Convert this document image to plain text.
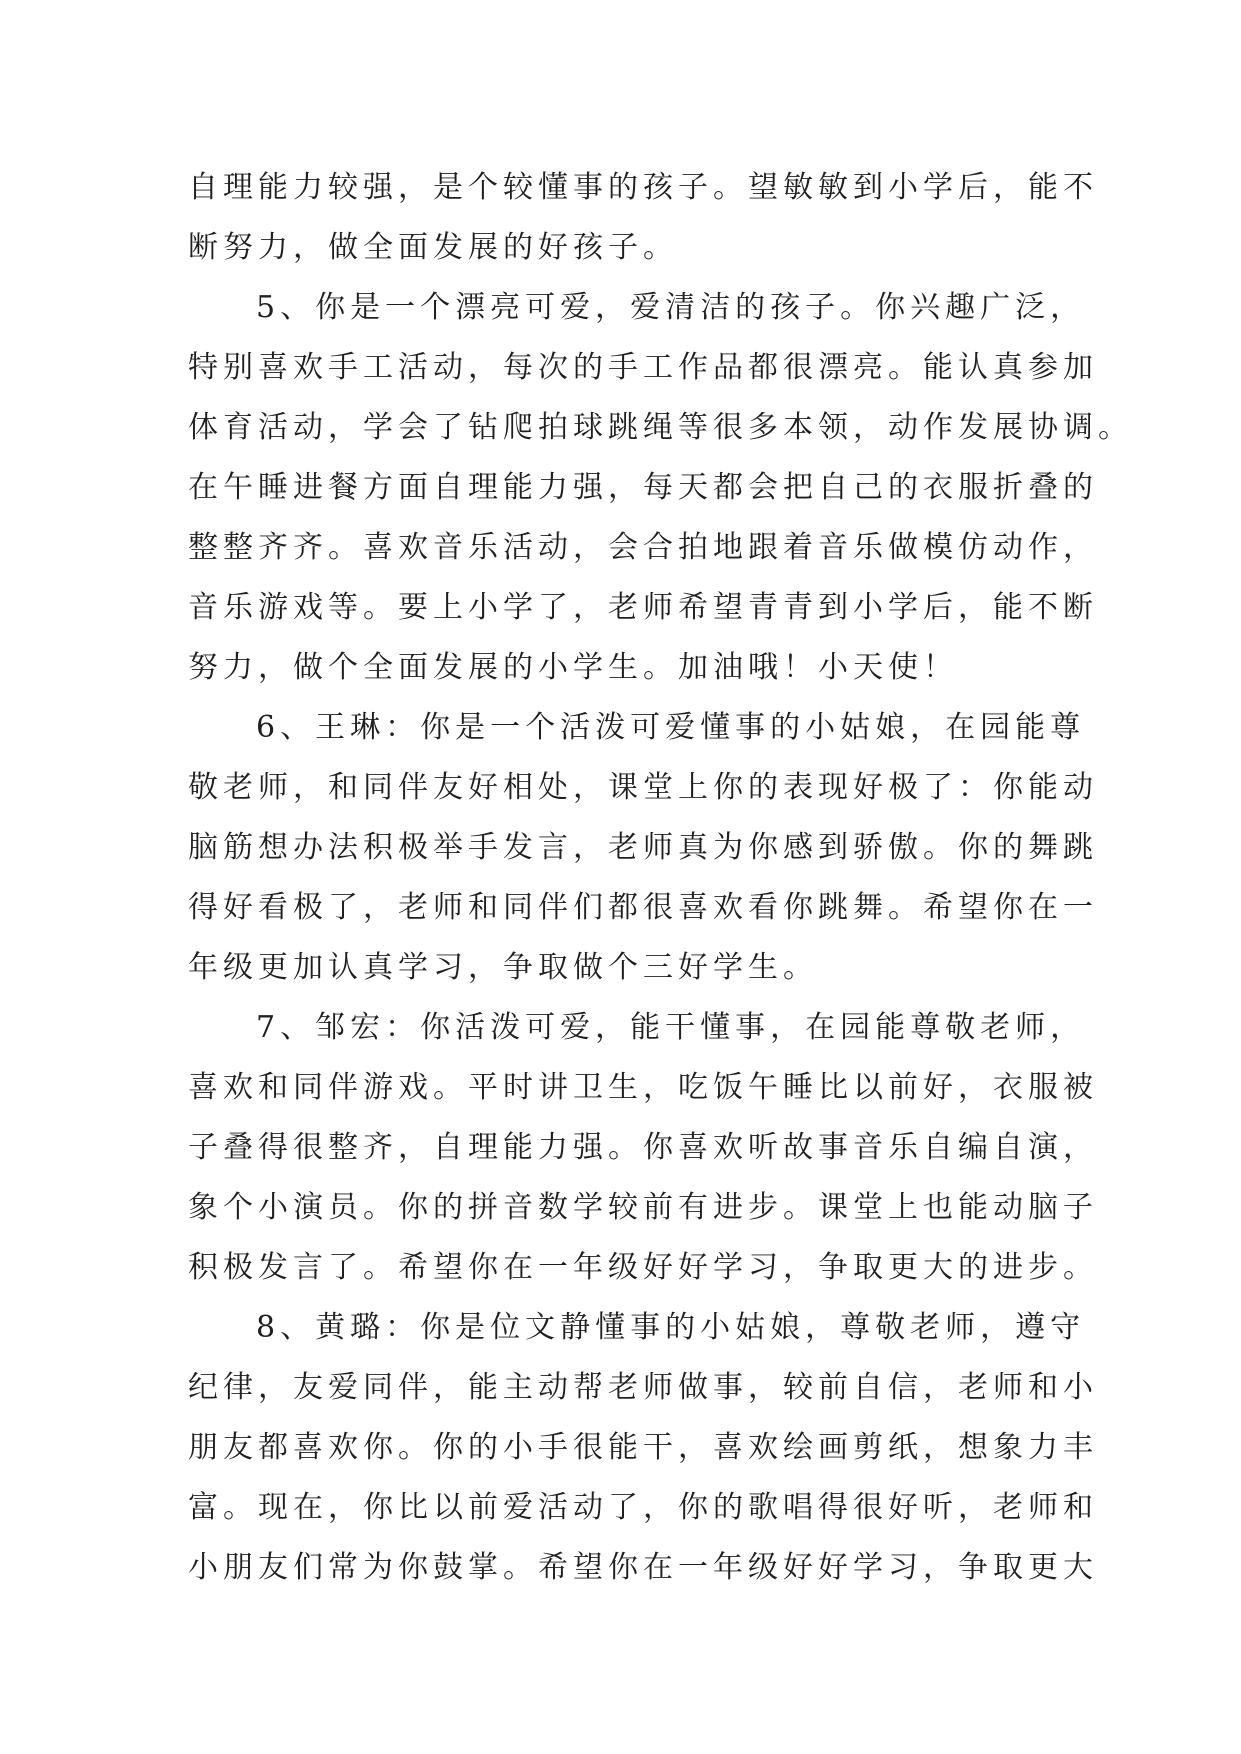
自理能力较强，是个较懂事的孩子。望敏敏到小学后，能不
断努力，做全面发展的好孩子。
5、你是一个漂亮可爱，爱清洁的孩子。你兴趣广泛，
特别喜欢手工活动，每次的手工作品都很漂亮。能认真参加
体育活动，学会了钻爬拍球跳绳等很多本领，动作发展协调。
在午睡进餐方面自理能力强，每天都会把自己的衣服折叠的
整整齐齐。喜欢音乐活动，会合拍地跟着音乐做模仿动作，
音乐游戏等。要上小学了，老师希望青青到小学后，能不断
努力，做个全面发展的小学生。加油哦！小天使！
6、王琳：你是一个活泼可爱懂事的小姑娘，在园能尊
敬老师，和同伴友好相处，课堂上你的表现好极了：你能动
脑筋想办法积极举手发言，老师真为你感到骄傲。你的舞跳
得好看极了，老师和同伴们都很喜欢看你跳舞。希望你在一
年级更加认真学习，争取做个三好学生。
7、邹宏：你活泼可爱，能干懂事，在园能尊敬老师，
喜欢和同伴游戏。平时讲卫生，吃饭午睡比以前好，衣服被
子叠得很整齐，自理能力强。你喜欢听故事音乐自编自演，
象个小演员。你的拼音数学较前有进步。课堂上也能动脑子
积极发言了。希望你在一年级好好学习，争取更大的进步。
8、黄璐：你是位文静懂事的小姑娘，尊敬老师，遵守
纪律，友爱同伴，能主动帮老师做事，较前自信，老师和小
朋友都喜欢你。你的小手很能干，喜欢绘画剪纸，想象力丰
富。现在，你比以前爱活动了，你的歌唱得很好听，老师和
小朋友们常为你鼓掌。希望你在一年级好好学习，争取更大
